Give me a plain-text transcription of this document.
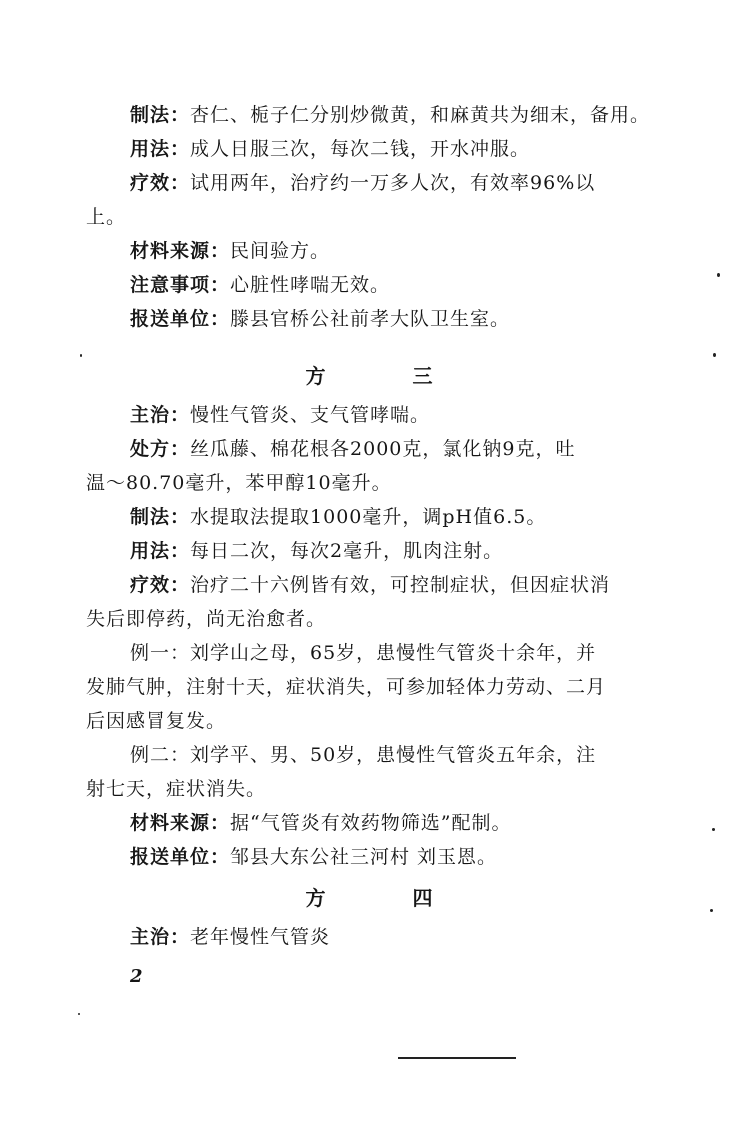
制法：杏仁、栀子仁分别炒微黄，和麻黄共为细末，备用。
用法：成人日服三次，每次二钱，开水冲服。
疗效：试用两年，治疗约一万多人次，有效率96%以
上。
材料来源：民间验方。
注意事项：心脏性哮喘无效。
报送单位：滕县官桥公社前孝大队卫生室。
方 三
主治：慢性气管炎、支气管哮喘。
处方：丝瓜藤、棉花根各2000克，氯化钠9克，吐
温～80.70毫升，苯甲醇10毫升。
制法：水提取法提取1000毫升，调pH值6.5。
用法：每日二次，每次2毫升，肌肉注射。
疗效：治疗二十六例皆有效，可控制症状，但因症状消
失后即停药，尚无治愈者。
例一：刘学山之母，65岁，患慢性气管炎十余年，并
发肺气肿，注射十天，症状消失，可参加轻体力劳动、二月
后因感冒复发。
例二：刘学平、男、50岁，患慢性气管炎五年余，注
射七天，症状消失。
材料来源：据“气管炎有效药物筛选”配制。
报送单位：邹县大东公社三河村 刘玉恩。
方 四
主治：老年慢性气管炎
2
